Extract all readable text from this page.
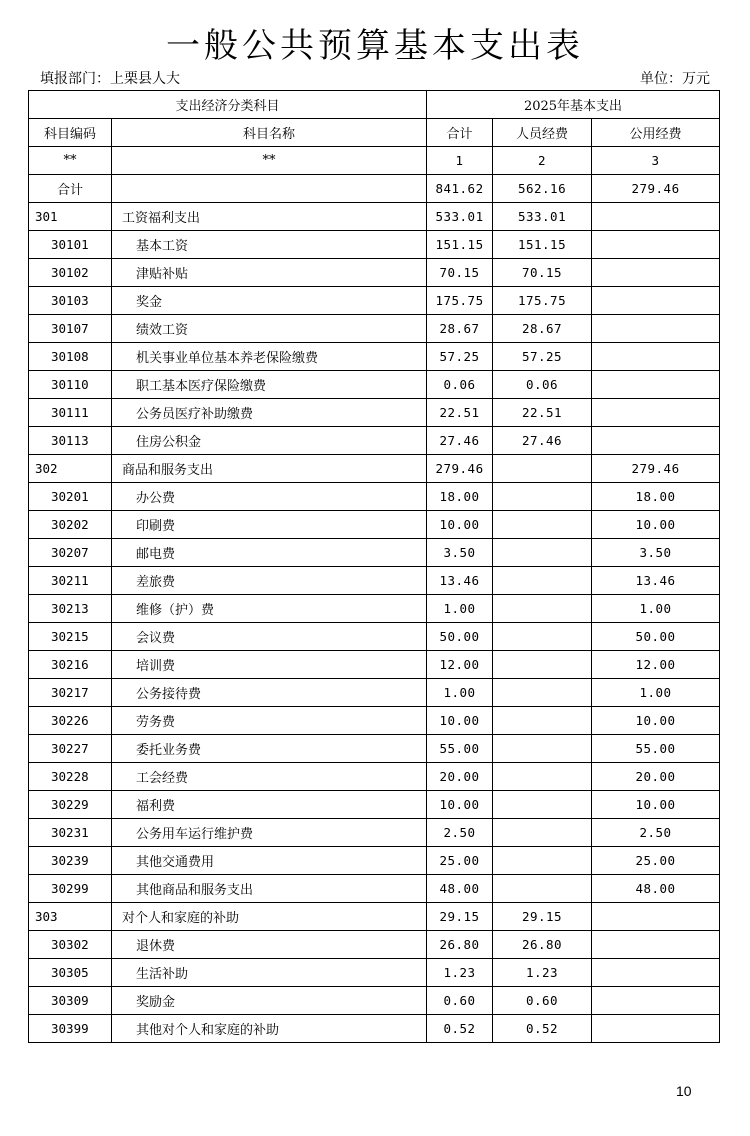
一般公共预算基本支出表
填报部门：上栗县人大	单位：万元
支出经济分类科目		2025年基本支出		
科目编码	科目名称	合计	人员经费	公用经费
**	**	1	2	3
合计		841.62	562.16	279.46
301	工资福利支出	533.01	533.01	
30101	基本工资	151.15	151.15	
30102	津贴补贴	70.15	70.15	
30103	奖金	175.75	175.75	
30107	绩效工资	28.67	28.67	
30108	机关事业单位基本养老保险缴费	57.25	57.25	
30110	职工基本医疗保险缴费	0.06	0.06	
30111	公务员医疗补助缴费	22.51	22.51	
30113	住房公积金	27.46	27.46	
302	商品和服务支出	279.46		279.46
30201	办公费	18.00		18.00
30202	印刷费	10.00		10.00
30207	邮电费	3.50		3.50
30211	差旅费	13.46		13.46
30213	维修（护）费	1.00		1.00
30215	会议费	50.00		50.00
30216	培训费	12.00		12.00
30217	公务接待费	1.00		1.00
30226	劳务费	10.00		10.00
30227	委托业务费	55.00		55.00
30228	工会经费	20.00		20.00
30229	福利费	10.00		10.00
30231	公务用车运行维护费	2.50		2.50
30239	其他交通费用	25.00		25.00
30299	其他商品和服务支出	48.00		48.00
303	对个人和家庭的补助	29.15	29.15	
30302	退休费	26.80	26.80	
30305	生活补助	1.23	1.23	
30309	奖励金	0.60	0.60	
30399	其他对个人和家庭的补助	0.52	0.52	
10
